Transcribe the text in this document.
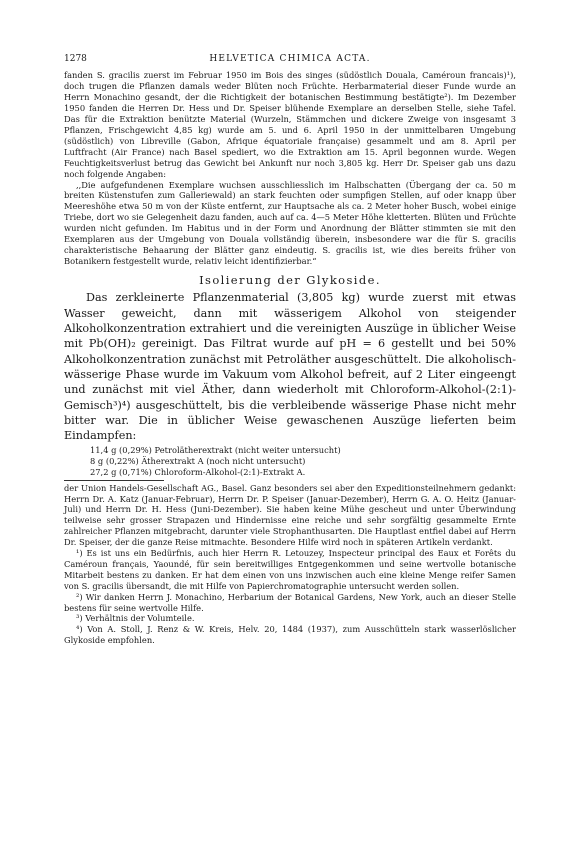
1278	HELVETICA CHIMICA ACTA.

fanden S. gracilis zuerst im Februar 1950 im Bois des singes (südöstlich Douala, Caméroun francais)¹), doch trugen die Pflanzen damals weder Blüten noch Früchte. Herbarmaterial dieser Funde wurde an Herrn Monachino gesandt, der die Richtigkeit der botanischen Bestimmung bestätigte²). Im Dezember 1950 fanden die Herren Dr. Hess und Dr. Speiser blühende Exemplare an derselben Stelle, siehe Tafel. Das für die Extraktion benützte Material (Wurzeln, Stämmchen und dickere Zweige von insgesamt 3 Pflanzen, Frischgewicht 4,85 kg) wurde am 5. und 6. April 1950 in der unmittelbaren Umgebung (südöstlich) von Libreville (Gabon, Afrique équatoriale française) gesammelt und am 8. April per Luftfracht (Air France) nach Basel spediert, wo die Extraktion am 15. April begonnen wurde. Wegen Feuchtigkeitsverlust betrug das Gewicht bei Ankunft nur noch 3,805 kg. Herr Dr. Speiser gab uns dazu noch folgende Angaben:

,,Die aufgefundenen Exemplare wuchsen ausschliesslich im Halbschatten (Übergang der ca. 50 m breiten Küstenstufen zum Galleriewald) an stark feuchten oder sumpfigen Stellen, auf oder knapp über Meereshöhe etwa 50 m von der Küste entfernt, zur Hauptsache als ca. 2 Meter hoher Busch, wobei einige Triebe, dort wo sie Gelegenheit dazu fanden, auch auf ca. 4—5 Meter Höhe kletterten. Blüten und Früchte wurden nicht gefunden. Im Habitus und in der Form und Anordnung der Blätter stimmten sie mit den Exemplaren aus der Umgebung von Douala vollständig überein, insbesondere war die für S. gracilis charakteristische Behaarung der Blätter ganz eindeutig. S. gracilis ist, wie dies bereits früher von Botanikern festgestellt wurde, relativ leicht identifizierbar.“

Isolierung der Glykoside.

Das zerkleinerte Pflanzenmaterial (3,805 kg) wurde zuerst mit etwas Wasser geweicht, dann mit wässerigem Alkohol von steigender Alkoholkonzentration extrahiert und die vereinigten Auszüge in üblicher Weise mit Pb(OH)₂ gereinigt. Das Filtrat wurde auf pH = 6 gestellt und bei 50% Alkoholkonzentration zunächst mit Petroläther ausgeschüttelt. Die alkoholisch-wässerige Phase wurde im Vakuum vom Alkohol befreit, auf 2 Liter eingeengt und zunächst mit viel Äther, dann wiederholt mit Chloroform-Alkohol-(2:1)-Gemisch³)⁴) ausgeschüttelt, bis die verbleibende wässerige Phase nicht mehr bitter war. Die in üblicher Weise gewaschenen Auszüge lieferten beim Eindampfen:

11,4 g (0,29%) Petrolätherextrakt (nicht weiter untersucht)
8 g (0,22%) Ätherextrakt A (noch nicht untersucht)
27,2 g (0,71%) Chloroform-Alkohol-(2:1)-Extrakt A.

der Union Handels-Gesellschaft AG., Basel. Ganz besonders sei aber den Expeditionsteilnehmern gedankt: Herrn Dr. A. Katz (Januar-Februar), Herrn Dr. P. Speiser (Januar-Dezember), Herrn G. A. O. Heitz (Januar-Juli) und Herrn Dr. H. Hess (Juni-Dezember). Sie haben keine Mühe gescheut und unter Überwindung teilweise sehr grosser Strapazen und Hindernisse eine reiche und sehr sorgfältig gesammelte Ernte zahlreicher Pflanzen mitgebracht, darunter viele Strophanthusarten. Die Hauptlast entfiel dabei auf Herrn Dr. Speiser, der die ganze Reise mitmachte. Besondere Hilfe wird noch in späteren Artikeln verdankt.

¹) Es ist uns ein Bedürfnis, auch hier Herrn R. Letouzey, Inspecteur principal des Eaux et Forêts du Caméroun français, Yaoundé, für sein bereitwilliges Entgegenkommen und seine wertvolle botanische Mitarbeit bestens zu danken. Er hat dem einen von uns inzwischen auch eine kleine Menge reifer Samen von S. gracilis übersandt, die mit Hilfe von Papierchromatographie untersucht werden sollen.

²) Wir danken Herrn J. Monachino, Herbarium der Botanical Gardens, New York, auch an dieser Stelle bestens für seine wertvolle Hilfe.

³) Verhältnis der Volumteile.

⁴) Von A. Stoll, J. Renz & W. Kreis, Helv. 20, 1484 (1937), zum Ausschütteln stark wasserlöslicher Glykoside empfohlen.
